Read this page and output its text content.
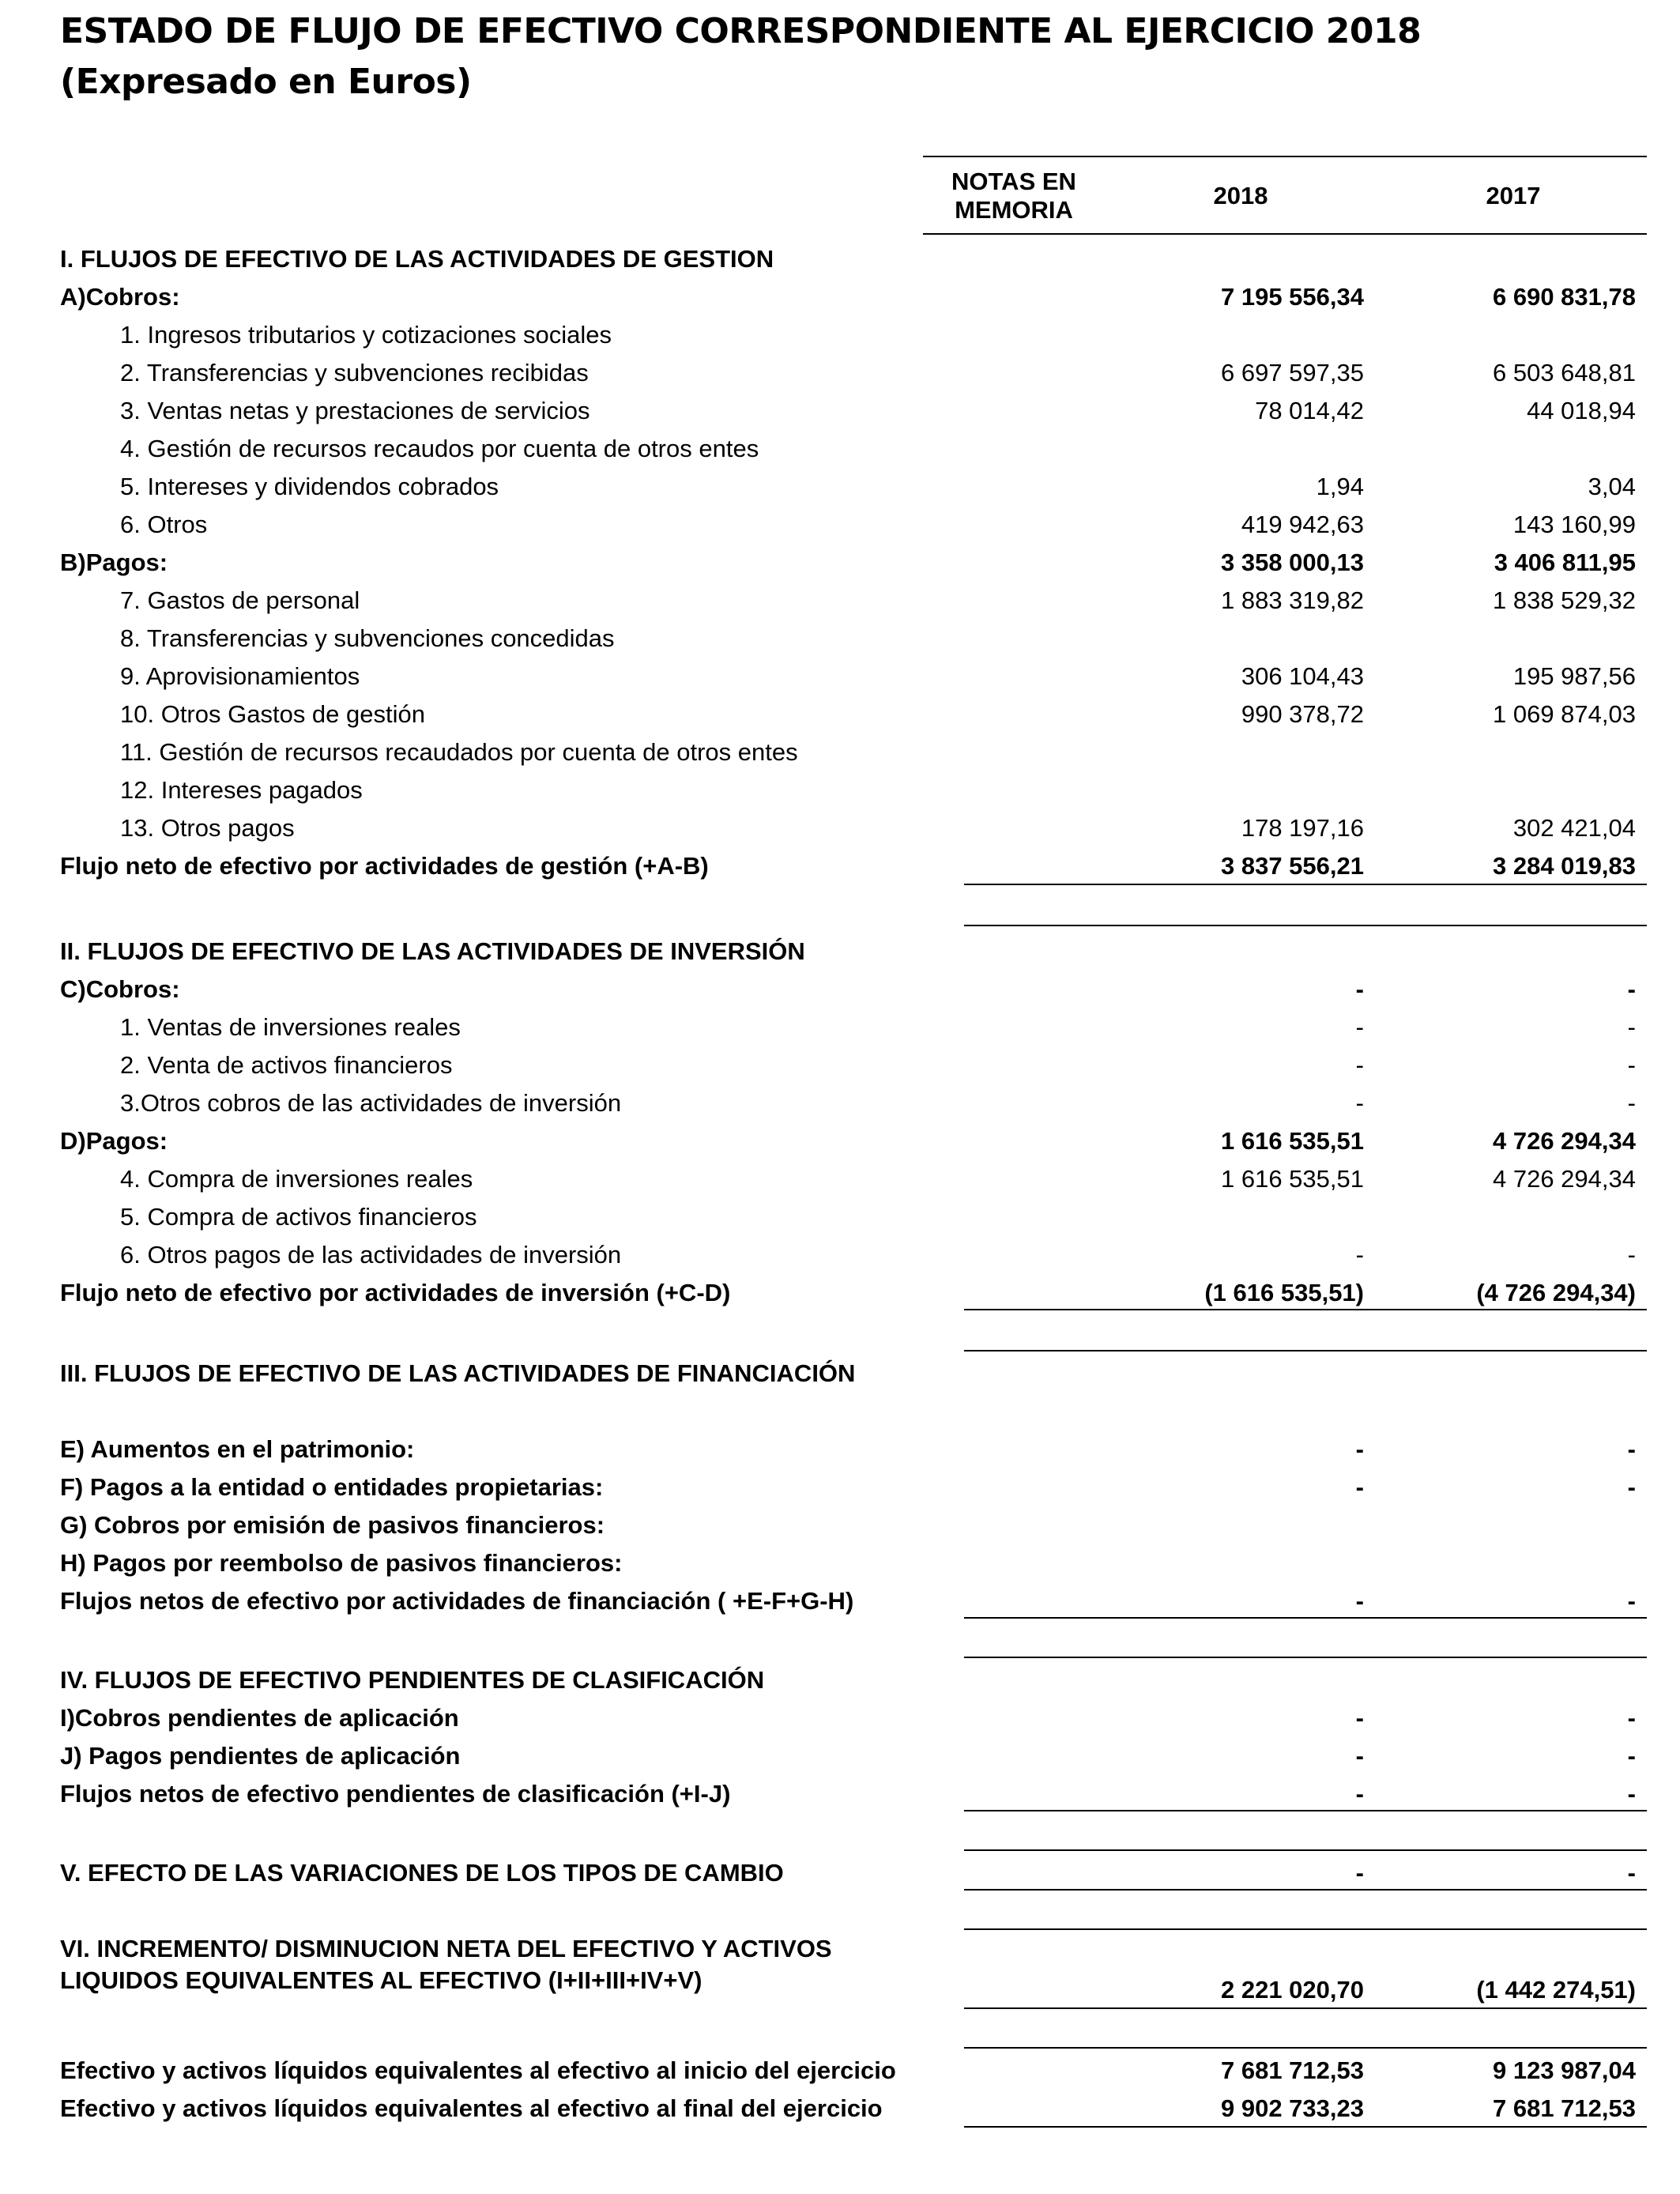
ESTADO DE FLUJO DE EFECTIVO CORRESPONDIENTE AL EJERCICIO 2018
(Expresado en Euros)
NOTAS EN
MEMORIA
2018	2017
I. FLUJOS DE EFECTIVO DE LAS ACTIVIDADES DE GESTION
A)Cobros:	7 195 556,34	6 690 831,78
1. Ingresos tributarios y cotizaciones sociales
2. Transferencias y subvenciones recibidas	6 697 597,35	6 503 648,81
3. Ventas netas y prestaciones de servicios	78 014,42	44 018,94
4. Gestión de recursos recaudos por cuenta de otros entes
5. Intereses y dividendos cobrados	1,94	3,04
6. Otros	419 942,63	143 160,99
B)Pagos:	3 358 000,13	3 406 811,95
7. Gastos de personal	1 883 319,82	1 838 529,32
8. Transferencias y subvenciones concedidas
9. Aprovisionamientos	306 104,43	195 987,56
10. Otros Gastos de gestión	990 378,72	1 069 874,03
11. Gestión de recursos recaudados por cuenta de otros entes
12. Intereses pagados
13. Otros pagos	178 197,16	302 421,04
Flujo neto de efectivo por actividades de gestión (+A-B)	3 837 556,21	3 284 019,83
II. FLUJOS DE EFECTIVO DE LAS ACTIVIDADES DE INVERSIÓN
C)Cobros:	-	-
1. Ventas de inversiones reales	-	-
2. Venta de activos financieros	-	-
3.Otros cobros de las actividades de inversión	-	-
D)Pagos:	1 616 535,51	4 726 294,34
4. Compra de inversiones reales	1 616 535,51	4 726 294,34
5. Compra de activos financieros
6. Otros pagos de las actividades de inversión	-	-
Flujo neto de efectivo por actividades de inversión (+C-D)	(1 616 535,51)	(4 726 294,34)
III. FLUJOS DE EFECTIVO DE LAS ACTIVIDADES DE FINANCIACIÓN
E) Aumentos en el patrimonio:	-	-
F) Pagos a la entidad o entidades propietarias:	-	-
G) Cobros por emisión de pasivos financieros:
H) Pagos por reembolso de pasivos financieros:
Flujos netos de efectivo por actividades de financiación ( +E-F+G-H)	-	-
IV. FLUJOS DE EFECTIVO PENDIENTES DE CLASIFICACIÓN
I)Cobros pendientes de aplicación	-	-
J) Pagos pendientes de aplicación	-	-
Flujos netos de efectivo pendientes de clasificación (+I-J)	-	-
V. EFECTO DE LAS VARIACIONES DE LOS TIPOS DE CAMBIO	-	-
VI. INCREMENTO/ DISMINUCION NETA DEL EFECTIVO Y ACTIVOS
LIQUIDOS EQUIVALENTES AL EFECTIVO (I+II+III+IV+V)	2 221 020,70	(1 442 274,51)
Efectivo y activos líquidos equivalentes al efectivo al inicio del ejercicio	7 681 712,53	9 123 987,04
Efectivo y activos líquidos equivalentes al efectivo al final del ejercicio	9 902 733,23	7 681 712,53
